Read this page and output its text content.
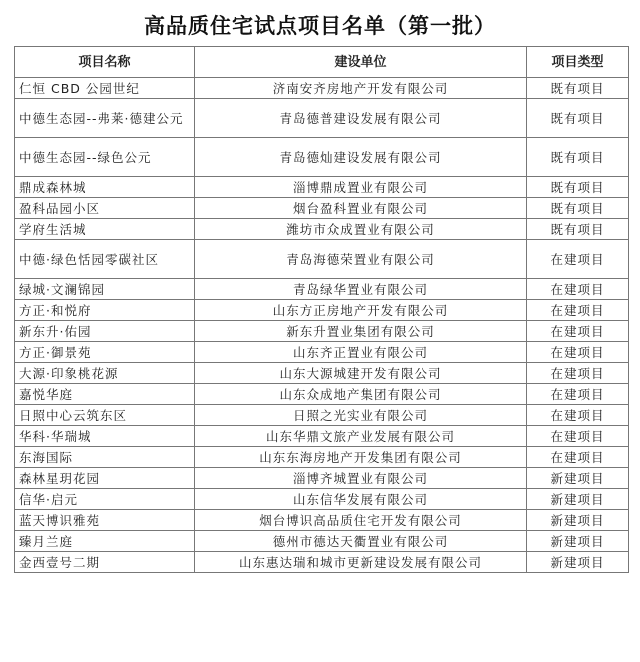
高品质住宅试点项目名单（第一批）
项目名称	建设单位	项目类型
仁恒 CBD 公园世纪	济南安齐房地产开发有限公司	既有项目
中德生态园--弗莱·德建公元	青岛德普建设发展有限公司	既有项目
中德生态园--绿色公元	青岛德灿建设发展有限公司	既有项目
鼎成森林城	淄博鼎成置业有限公司	既有项目
盈科品园小区	烟台盈科置业有限公司	既有项目
学府生活城	潍坊市众成置业有限公司	既有项目
中德·绿色恬园零碳社区	青岛海德荣置业有限公司	在建项目
绿城·文澜锦园	青岛绿华置业有限公司	在建项目
方正·和悦府	山东方正房地产开发有限公司	在建项目
新东升·佑园	新东升置业集团有限公司	在建项目
方正·御景苑	山东齐正置业有限公司	在建项目
大源·印象桃花源	山东大源城建开发有限公司	在建项目
嘉悦华庭	山东众成地产集团有限公司	在建项目
日照中心云筑东区	日照之光实业有限公司	在建项目
华科·华瑞城	山东华鼎文旅产业发展有限公司	在建项目
东海国际	山东东海房地产开发集团有限公司	在建项目
森林星玥花园	淄博齐城置业有限公司	新建项目
信华·启元	山东信华发展有限公司	新建项目
蓝天博识雅苑	烟台博识高品质住宅开发有限公司	新建项目
臻月兰庭	德州市德达天衢置业有限公司	新建项目
金西壹号二期	山东惠达瑞和城市更新建设发展有限公司	新建项目
